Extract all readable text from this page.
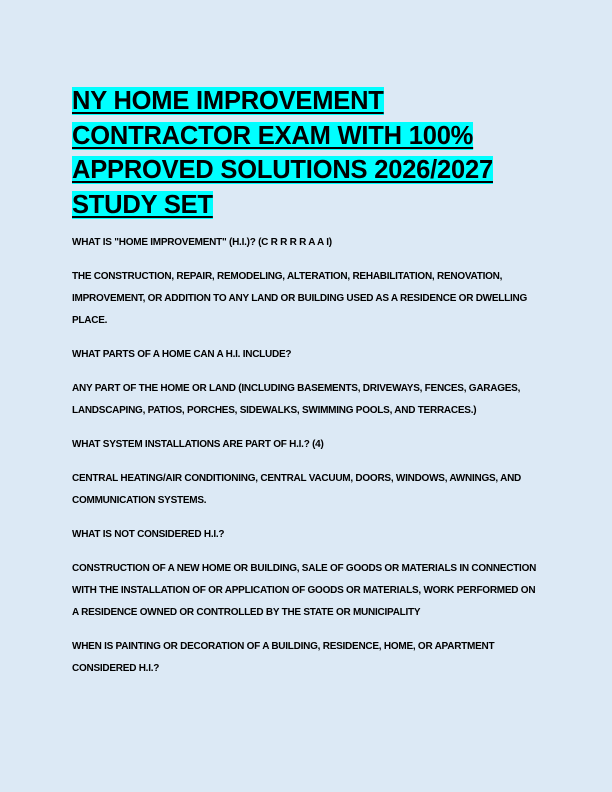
NY HOME IMPROVEMENT CONTRACTOR EXAM WITH 100% APPROVED SOLUTIONS 2026/2027 STUDY SET

WHAT IS "HOME IMPROVEMENT" (H.I.)? (C R R R R A A I)

THE CONSTRUCTION, REPAIR, REMODELING, ALTERATION, REHABILITATION, RENOVATION, IMPROVEMENT, OR ADDITION TO ANY LAND OR BUILDING USED AS A RESIDENCE OR DWELLING PLACE.

WHAT PARTS OF A HOME CAN A H.I. INCLUDE?

ANY PART OF THE HOME OR LAND (INCLUDING BASEMENTS, DRIVEWAYS, FENCES, GARAGES, LANDSCAPING, PATIOS, PORCHES, SIDEWALKS, SWIMMING POOLS, AND TERRACES.)

WHAT SYSTEM INSTALLATIONS ARE PART OF H.I.? (4)

CENTRAL HEATING/AIR CONDITIONING, CENTRAL VACUUM, DOORS, WINDOWS, AWNINGS, AND COMMUNICATION SYSTEMS.

WHAT IS NOT CONSIDERED H.I.?

CONSTRUCTION OF A NEW HOME OR BUILDING, SALE OF GOODS OR MATERIALS IN CONNECTION WITH THE INSTALLATION OF OR APPLICATION OF GOODS OR MATERIALS, WORK PERFORMED ON A RESIDENCE OWNED OR CONTROLLED BY THE STATE OR MUNICIPALITY

WHEN IS PAINTING OR DECORATION OF A BUILDING, RESIDENCE, HOME, OR APARTMENT CONSIDERED H.I.?
